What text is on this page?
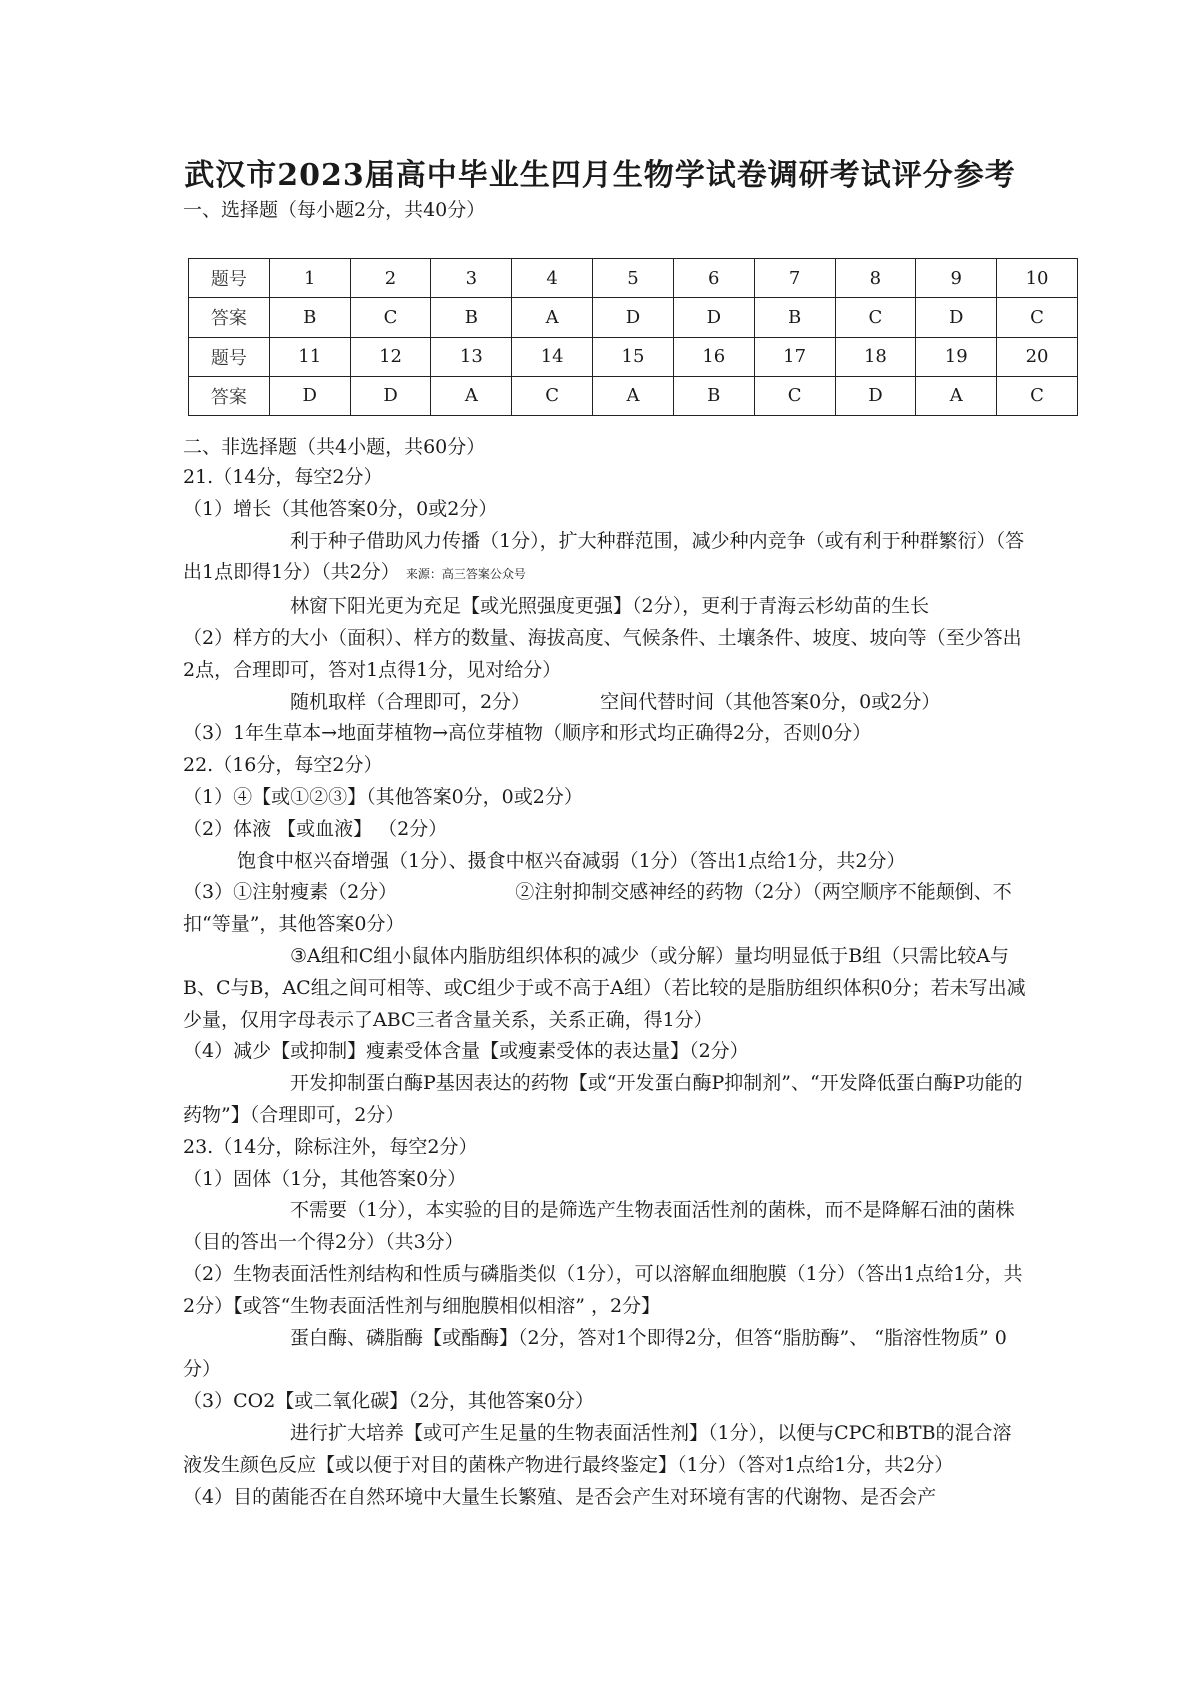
武汉市2023届高中毕业生四月生物学试卷调研考试评分参考
一、选择题（每小题2分，共40分）
题号	1	2	3	4	5	6	7	8	9	10
答案	B	C	B	A	D	D	B	C	D	C
题号	11	12	13	14	15	16	17	18	19	20
答案	D	D	A	C	A	B	C	D	A	C
二、非选择题（共4小题，共60分）

21.（14分，每空2分）

（1）增长（其他答案0分，0或2分）

利于种子借助风力传播（1分），扩大种群范围，减少种内竞争（或有利于种群繁衍）（答出1点即得1分）（共2分） 来源：高三答案公众号

林窗下阳光更为充足【或光照强度更强】（2分），更利于青海云杉幼苗的生长

（2）样方的大小（面积）、样方的数量、海拔高度、气候条件、土壤条件、坡度、坡向等（至少答出2点，合理即可，答对1点得1分，见对给分）

随机取样（合理即可，2分）	空间代替时间（其他答案0分，0或2分）

（3）1年生草本→地面芽植物→高位芽植物（顺序和形式均正确得2分，否则0分）

22.（16分，每空2分）

（1）④【或①②③】（其他答案0分，0或2分）

（2）体液 【或血液】 （2分）

饱食中枢兴奋增强（1分）、摄食中枢兴奋减弱（1分）（答出1点给1分，共2分）

（3）①注射瘦素（2分）	②注射抑制交感神经的药物（2分）（两空顺序不能颠倒、不扣“等量”，其他答案0分）

③A组和C组小鼠体内脂肪组织体积的减少（或分解）量均明显低于B组（只需比较A与B、C与B，AC组之间可相等、或C组少于或不高于A组）（若比较的是脂肪组织体积0分；若未写出减少量，仅用字母表示了ABC三者含量关系，关系正确，得1分）

（4）减少【或抑制】瘦素受体含量【或瘦素受体的表达量】（2分）

开发抑制蛋白酶P基因表达的药物【或“开发蛋白酶P抑制剂”、“开发降低蛋白酶P功能的药物”】（合理即可，2分）

23.（14分，除标注外，每空2分）

（1）固体（1分，其他答案0分）

不需要（1分），本实验的目的是筛选产生物表面活性剂的菌株，而不是降解石油的菌株（目的答出一个得2分）（共3分）

（2）生物表面活性剂结构和性质与磷脂类似（1分），可以溶解血细胞膜（1分）（答出1点给1分，共2分）【或答“生物表面活性剂与细胞膜相似相溶” ，2分】

蛋白酶、磷脂酶【或酯酶】（2分，答对1个即得2分，但答“脂肪酶”、 “脂溶性物质” 0分）

（3）CO2【或二氧化碳】（2分，其他答案0分）

进行扩大培养【或可产生足量的生物表面活性剂】（1分），以便与CPC和BTB的混合溶液发生颜色反应【或以便于对目的菌株产物进行最终鉴定】（1分）（答对1点给1分，共2分）

（4）目的菌能否在自然环境中大量生长繁殖、是否会产生对环境有害的代谢物、是否会产
